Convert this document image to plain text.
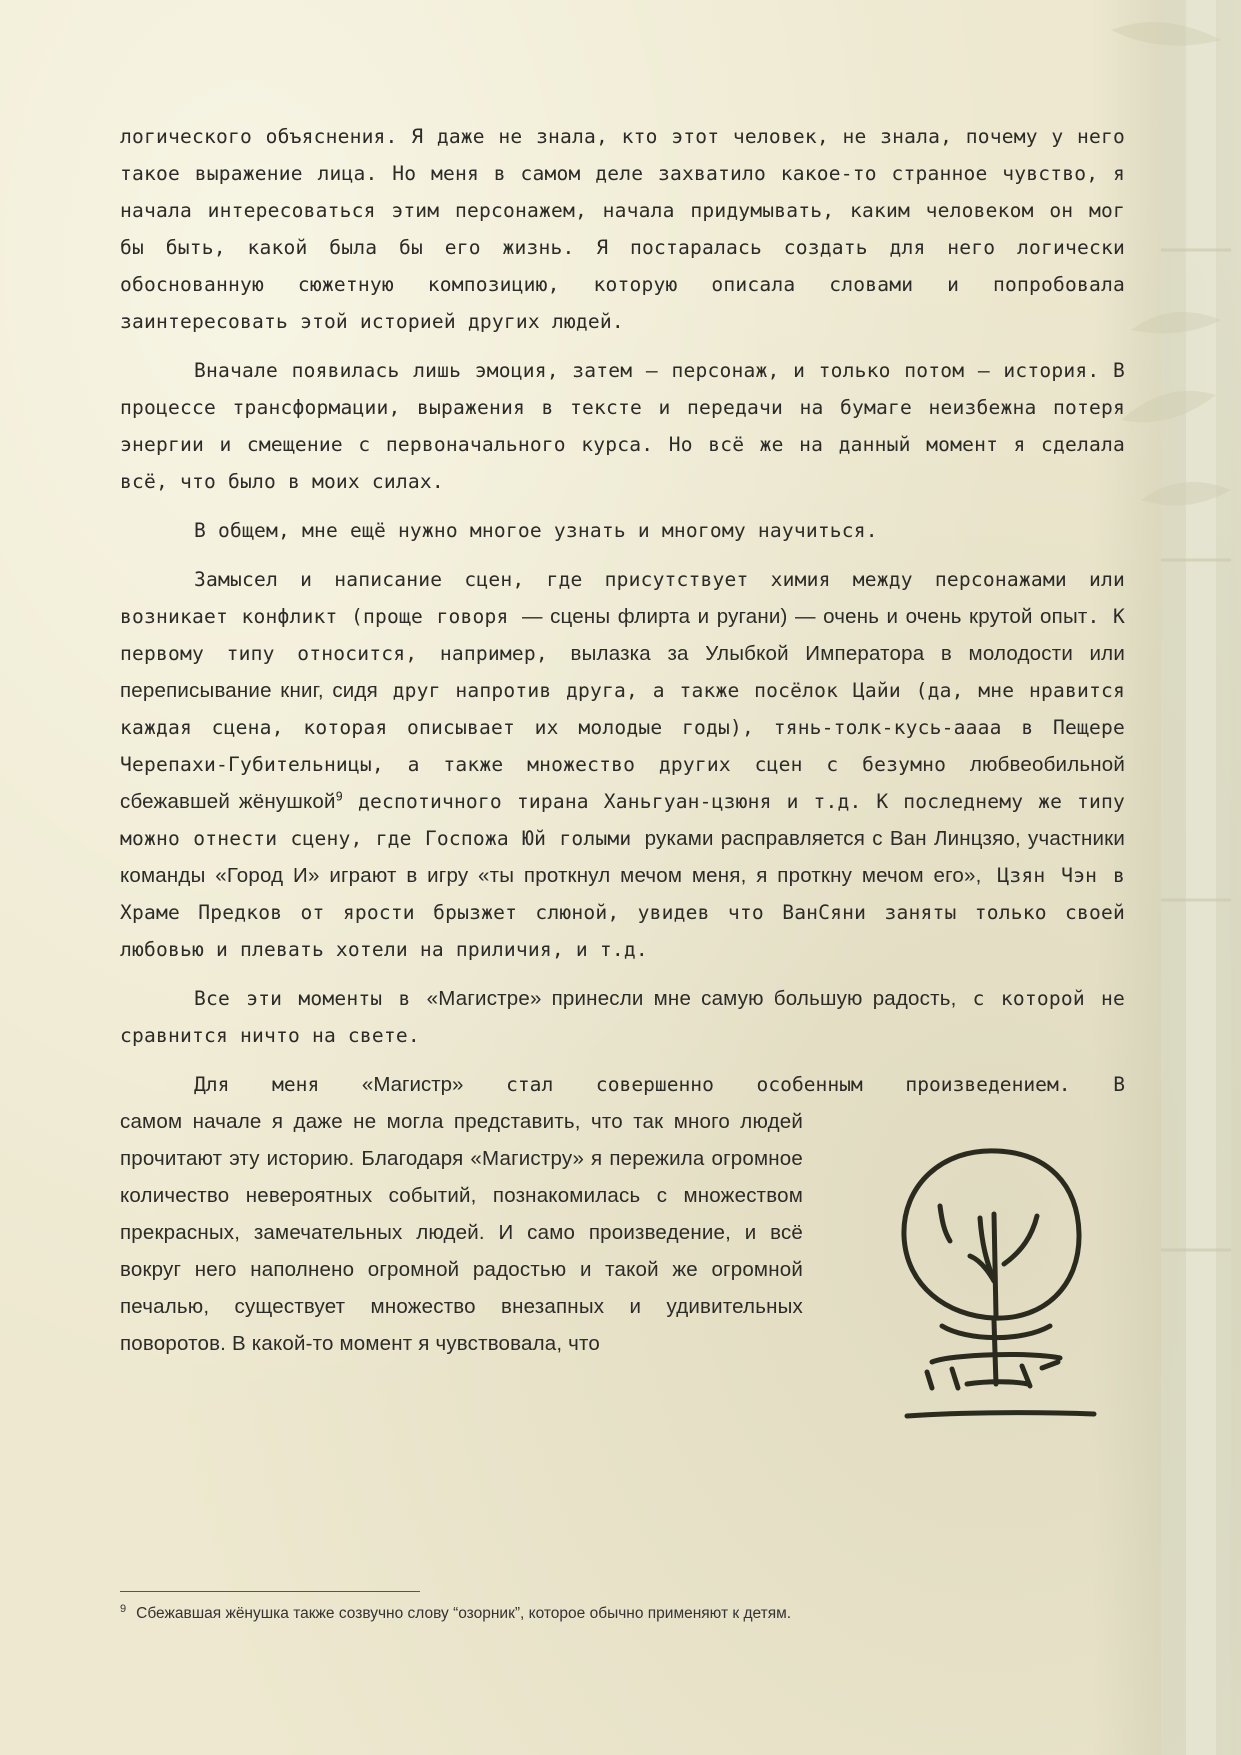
логического объяснения. Я даже не знала, кто этот человек, не знала, почему у него такое выражение лица. Но меня в самом деле захватило какое-то странное чувство, я начала интересоваться этим персонажем, начала придумывать, каким человеком он мог бы быть, какой была бы его жизнь. Я постаралась создать для него логически обоснованную сюжетную композицию, которую описала словами и попробовала заинтересовать этой историей других людей.

Вначале появилась лишь эмоция, затем — персонаж, и только потом — история. В процессе трансформации, выражения в тексте и передачи на бумаге неизбежна потеря энергии и смещение с первоначального курса. Но всё же на данный момент я сделала всё, что было в моих силах.

В общем, мне ещё нужно многое узнать и многому научиться.

Замысел и написание сцен, где присутствует химия между персонажами или возникает конфликт (проще говоря — сцены флирта и ругани) — очень и очень крутой опыт. К первому типу относится, например, вылазка за Улыбкой Императора в молодости или переписывание книг, сидя друг напротив друга, а также посёлок Цайи (да, мне нравится каждая сцена, которая описывает их молодые годы), тянь-толк-кусь-аааа в Пещере Черепахи-Губительницы, а также множество других сцен с безумно любвеобильной сбежавшей жёнушкой$^9$ деспотичного тирана Ханьгуан-цзюня и т.д. К последнему же типу можно отнести сцену, где Госпожа Юй голыми руками расправляется с Ван Линцзяо, участники команды «Город И» играют в игру «ты проткнул мечом меня, я проткну мечом его», Цзян Чэн в Храме Предков от ярости брызжет слюной, увидев что ВанСяни заняты только своей любовью и плевать хотели на приличия, и т.д.

Все эти моменты в «Магистре» принесли мне самую большую радость, с которой не сравнится ничто на свете.

Для меня «Магистр» стал совершенно особенным произведением. В

самом начале я даже не могла представить, что так много людей прочитают эту историю. Благодаря «Магистру» я пережила огромное количество невероятных событий, познакомилась с множеством прекрасных, замечательных людей. И само произведение, и всё вокруг него наполнено огромной радостью и такой же огромной печалью, существует множество внезапных и удивительных поворотов. В какой-то момент я чувствовала, что

$^9$ Сбежавшая жёнушка также созвучно слову “озорник”, которое обычно применяют к детям.
